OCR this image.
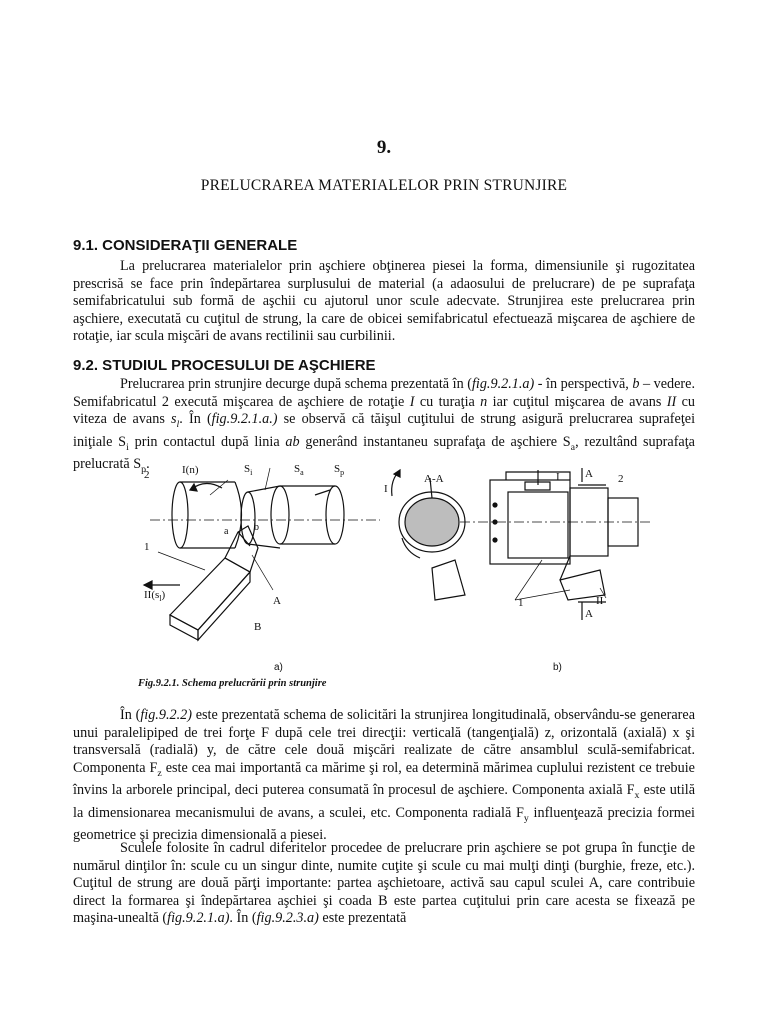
9.
PRELUCRAREA MATERIALELOR PRIN STRUNJIRE
9.1. CONSIDERAŢII GENERALE

La prelucrarea materialelor prin aşchiere obţinerea piesei la forma, dimensiunile şi rugozitatea prescrisă se face prin îndepărtarea surplusului de material (a adaosului de prelucrare) de pe suprafaţa semifabricatului sub formă de aşchii cu ajutorul unor scule adecvate. Strunjirea este prelucrarea prin aşchiere, executată cu cuţitul de strung, la care de obicei semifabricatul efectuează mişcarea de aşchiere de rotaţie, iar scula mişcări de avans rectilinii sau curbilinii.

9.2. STUDIUL PROCESULUI DE AŞCHIERE

Prelucrarea prin strunjire decurge după schema prezentată în (fig.9.2.1.a) - în perspectivă, b – vedere. Semifabricatul 2 execută mişcarea de aşchiere de rotaţie I cu turaţia n iar cuţitul mişcarea de avans II cu viteza de avans $s_l$. În (fig.9.2.1.a.) se observă că tăişul cuţitului de strung asigură prelucrarea suprafeţei iniţiale $S_i$ prin contactul după linia ab generând instantaneu suprafaţa de aşchiere $S_a$, rezultând suprafaţa prelucrată $S_p$.

2	I(n)	$S_i$	$S_a$	$S_p$
a	b
1
$II(s_l)$	A
B
A-A
I
I A 2
1	II
A
a)	b)
Fig.9.2.1. Schema prelucrării prin strunjire

În (fig.9.2.2) este prezentată schema de solicitări la strunjirea longitudinală, observându-se generarea unui paralelipiped de trei forţe F după cele trei direcţii: verticală (tangenţială) z, orizontală (axială) x şi transversală (radială) y, de către cele două mişcări realizate de către ansamblul sculă-semifabricat. Componenta $F_z$ este cea mai importantă ca mărime şi rol, ea determină mărimea cuplului rezistent ce trebuie învins la arborele principal, deci puterea consumată în procesul de aşchiere. Componenta axială $F_x$ este utilă la dimensionarea mecanismului de avans, a sculei, etc. Componenta radială $F_y$ influenţează precizia formei geometrice şi precizia dimensională a piesei.

Sculele folosite în cadrul diferitelor procedee de prelucrare prin aşchiere se pot grupa în funcţie de numărul dinţilor în: scule cu un singur dinte, numite cuţite şi scule cu mai mulţi dinţi (burghie, freze, etc.). Cuţitul de strung are două părţi importante: partea aşchietoare, activă sau capul sculei A, care contribuie direct la formarea şi îndepărtarea aşchiei şi coada B este partea cuţitului prin care acesta se fixează pe maşina-unealtă (fig.9.2.1.a). În (fig.9.2.3.a) este prezentată
